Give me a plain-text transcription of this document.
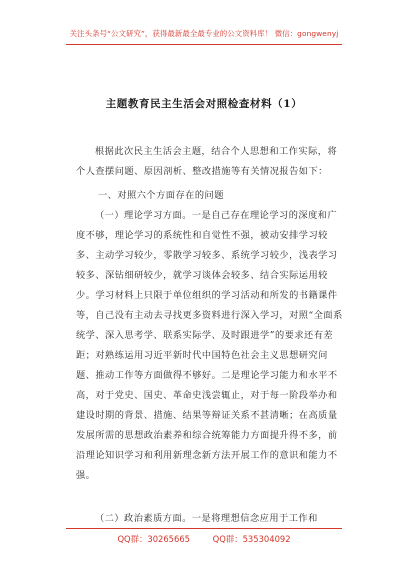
关注头条号“公文研究”，获得最新最全最专业的公文资料库！ 微信：gongwenyj
主题教育民主生活会对照检查材料（1）

根据此次民主生活会主题，结合个人思想和工作实际，将个人查摆问题、原因剖析、整改措施等有关情况报告如下：

一、对照六个方面存在的问题

（一）理论学习方面。一是自己存在理论学习的深度和广度不够，理论学习的系统性和自觉性不强，被动安排学习较多、主动学习较少，零散学习较多、系统学习较少，浅表学习较多、深钻细研较少，就学习谈体会较多、结合实际运用较少。学习材料上只限于单位组织的学习活动和所发的书籍课件等，自己没有主动去寻找更多资料进行深入学习，对照“全面系统学、深入思考学、联系实际学、及时跟进学”的要求还有差距；对熟练运用习近平新时代中国特色社会主义思想研究问题、推动工作等方面做得不够好。二是理论学习能力和水平不高，对于党史、国史、革命史浅尝辄止，对于每一阶段举办和建设时期的背景、措施、结果等辩证关系不甚清晰；在高质量发展所需的思想政治素养和综合统筹能力方面提升得不多，前沿理论知识学习和利用新理念新方法开展工作的意识和能力不强。

（二）政治素质方面。一是将理想信念应用于工作和

QQ群：30265665	QQ群：535304092
